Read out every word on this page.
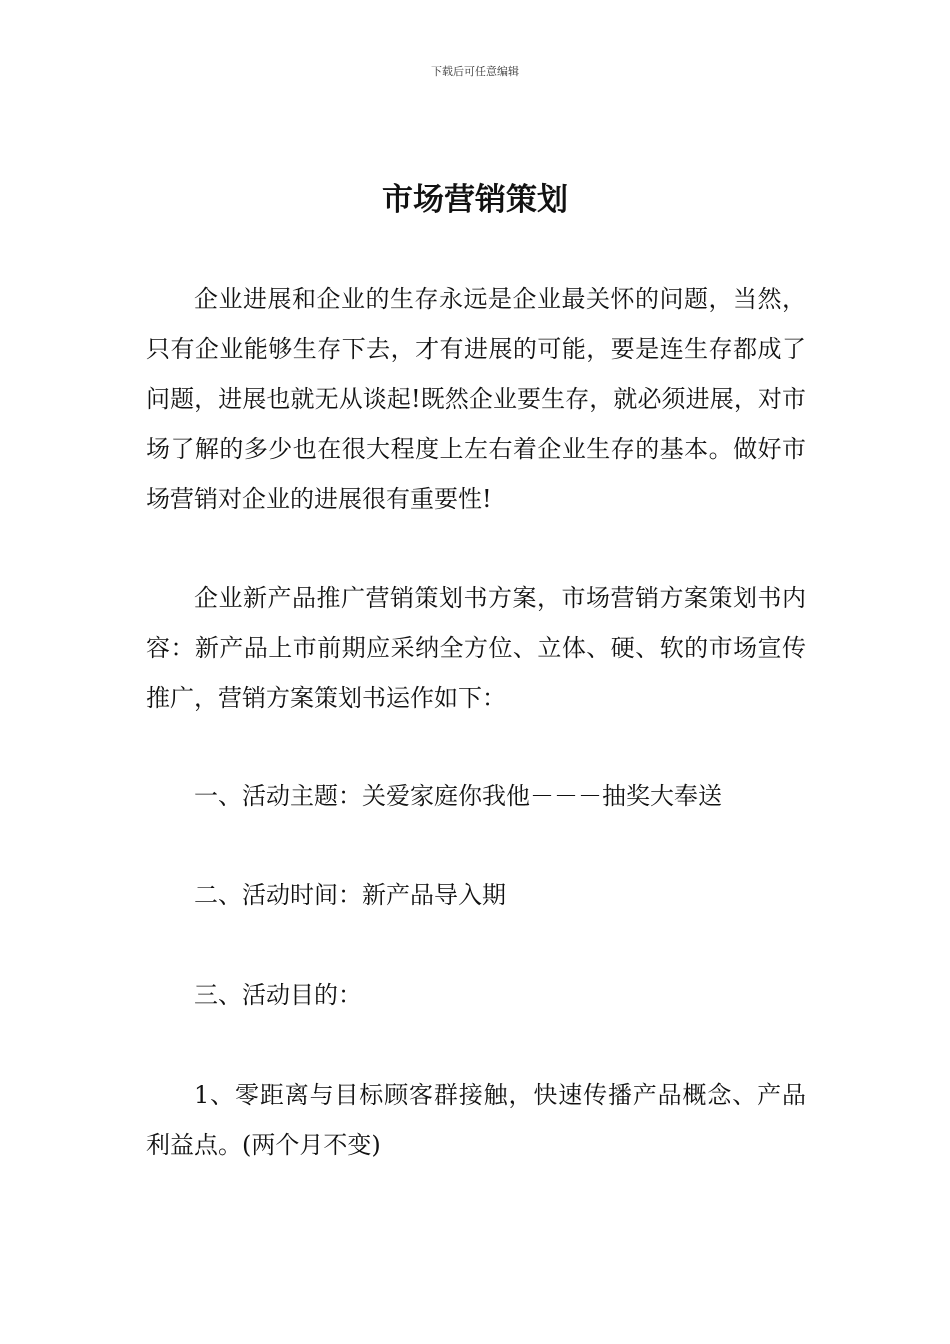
下载后可任意编辑
市场营销策划

企业进展和企业的生存永远是企业最关怀的问题，当然，只有企业能够生存下去，才有进展的可能，要是连生存都成了问题，进展也就无从谈起!既然企业要生存，就必须进展，对市场了解的多少也在很大程度上左右着企业生存的基本。做好市场营销对企业的进展很有重要性!

企业新产品推广营销策划书方案，市场营销方案策划书内容：新产品上市前期应采纳全方位、立体、硬、软的市场宣传推广，营销方案策划书运作如下：

一、活动主题：关爱家庭你我他－－－抽奖大奉送

二、活动时间：新产品导入期

三、活动目的：

1、零距离与目标顾客群接触，快速传播产品概念、产品利益点。(两个月不变)
